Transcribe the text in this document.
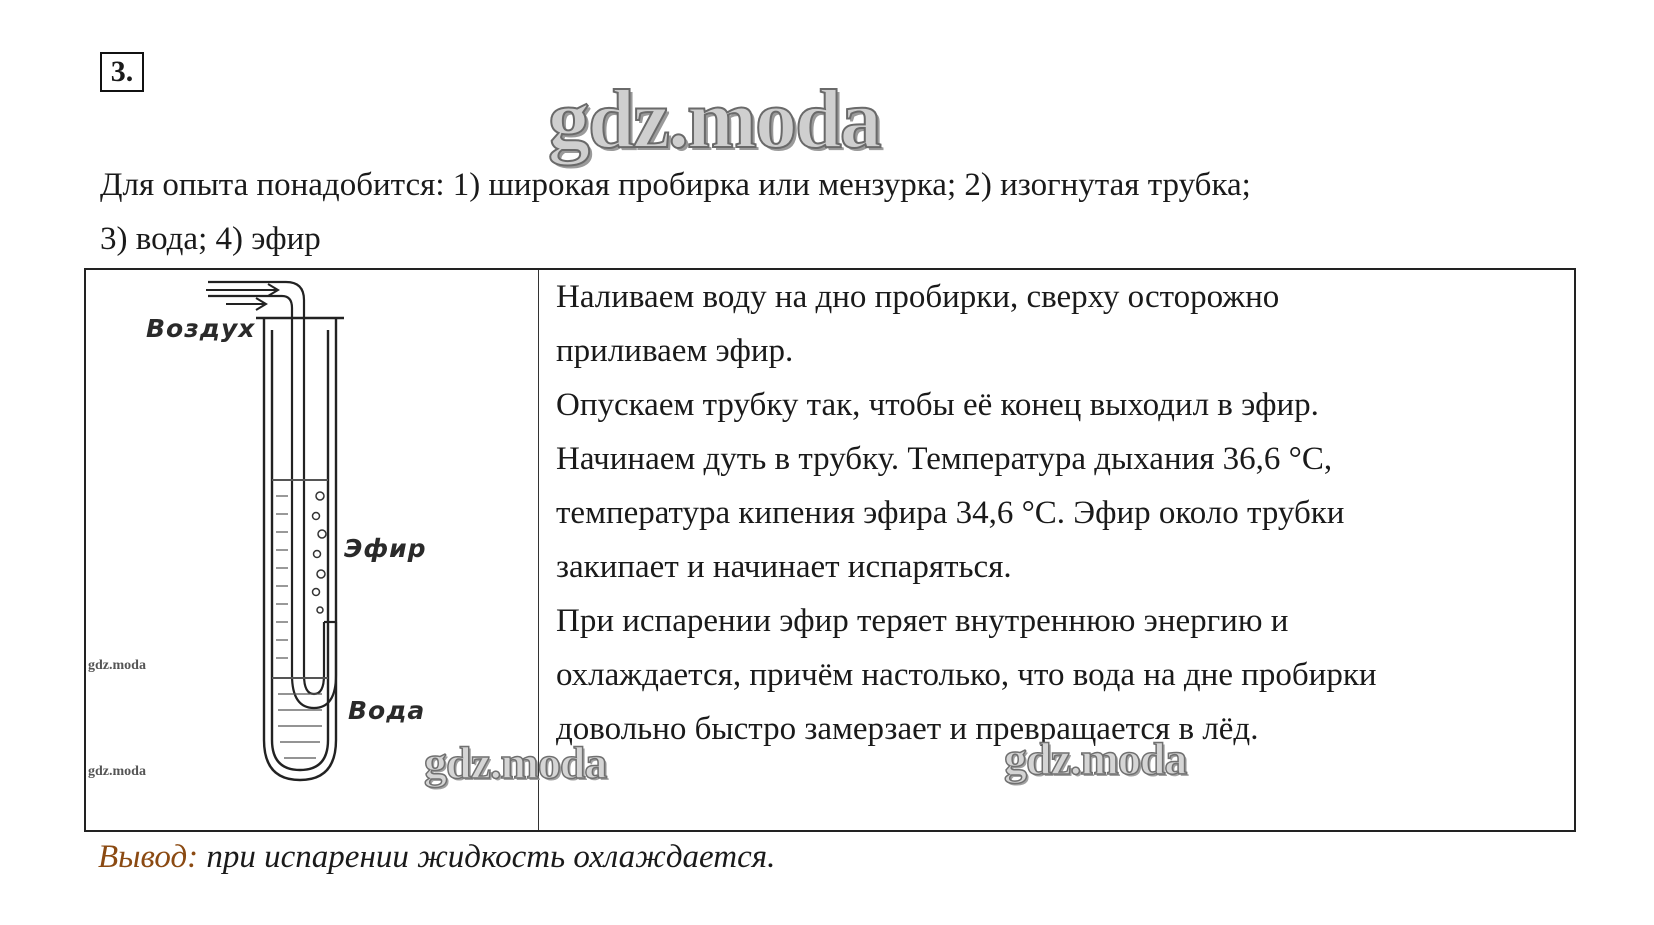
3.
gdz.moda
Для опыта понадобится: 1) широкая пробирка или мензурка; 2) изогнутая трубка;
3) вода; 4) эфир
Воздух
Эфир
Вода
gdz.moda
gdz.moda

Наливаем воду на дно пробирки, сверху осторожно

приливаем эфир.

Опускаем трубку так, чтобы её конец выходил в эфир.

Начинаем дуть в трубку. Температура дыхания 36,6 °С,

температура кипения эфира 34,6 °С. Эфир около трубки

закипает и начинает испаряться.

При испарении эфир теряет внутреннюю энергию и

охлаждается, причём настолько, что вода на дне пробирки

довольно быстро замерзает и превращается в лёд.

gdz.moda	gdz.moda
Вывод: при испарении жидкость охлаждается.
